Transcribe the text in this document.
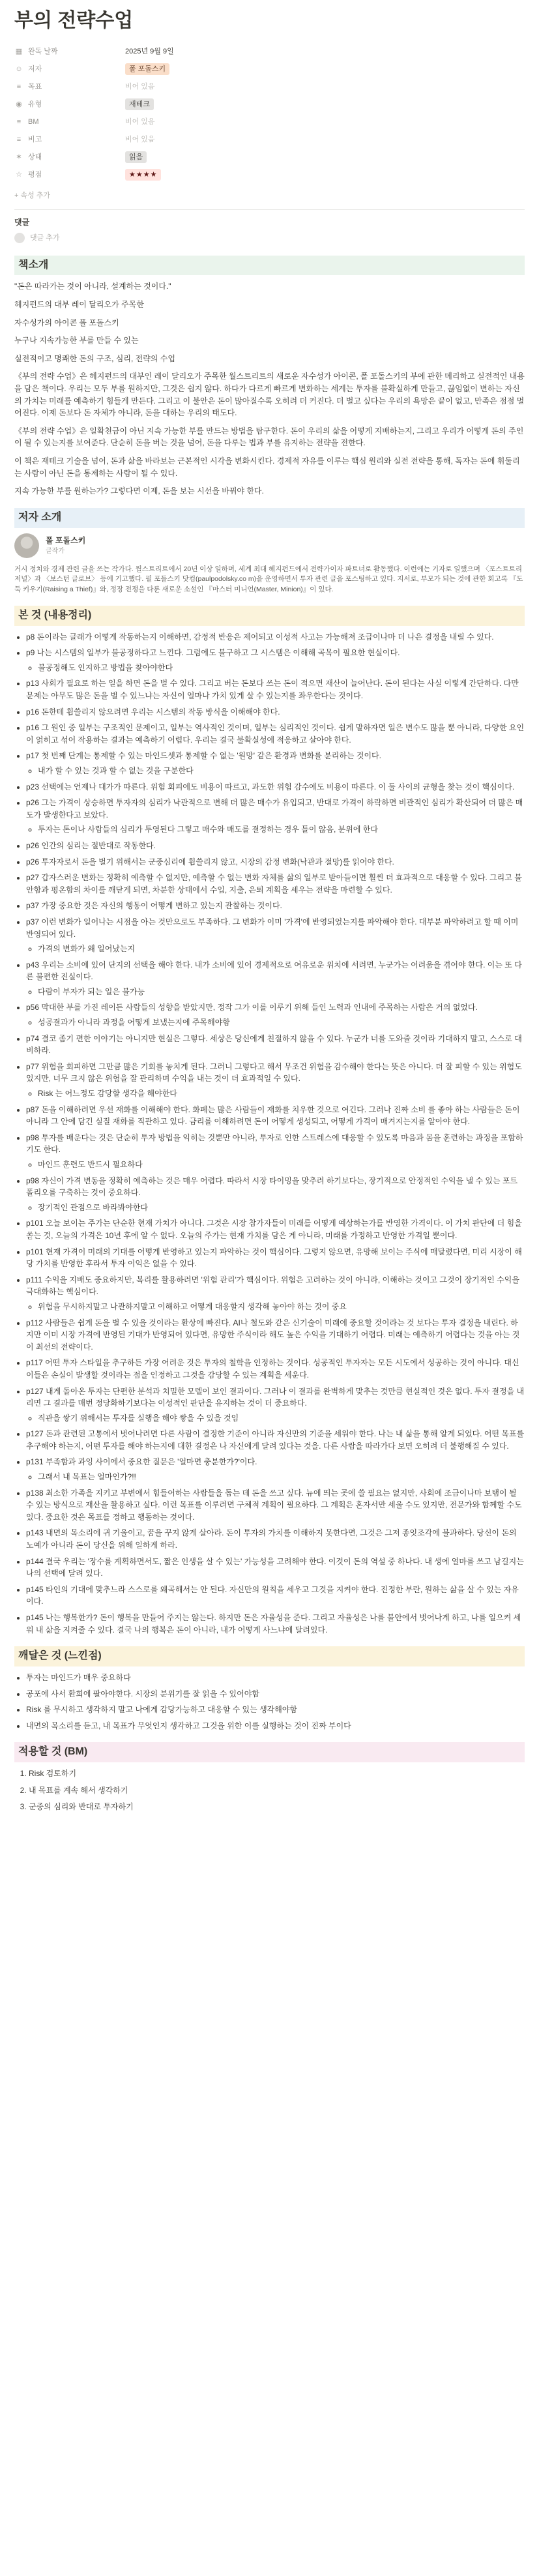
부의 전략수업
▦ 완독 날짜	2025년 9월 9일
☺ 저자	폴 포돌스키
≡ 목표	비어 있음
◉ 유형	재테크
≡ BM	비어 있음
≡ 비고	비어 있음
✶ 상태	읽음
☆ 평점	★★★★
+ 속성 추가
댓글
댓글 추가
책소개

"돈은 따라가는 것이 아니라, 설계하는 것이다."

헤지펀드의 대부 레이 달리오가 주목한

자수성가의 아이콘 폴 포돌스키

누구나 지속가능한 부를 만들 수 있는

실전적이고 명쾌한 돈의 구조, 심리, 전략의 수업

《부의 전략 수업》은 헤지펀드의 대부인 레이 달리오가 주목한 월스트리트의 새로운 자수성가 아이콘, 폴 포돌스키의 부에 관한 메리하고 실전적인 내용을 담은 책이다. 우리는 모두 부를 원하지만, 그것은 쉽지 않다. 하다가 다르게 빠르게 변화하는 세계는 투자를 불확실하게 만들고, 끊임없이 변하는 자신의 가치는 미래를 예측하기 힘들게 만든다. 그리고 이 불안은 돈이 많아질수록 오히려 더 커진다. 더 벌고 싶다는 우리의 욕망은 끝이 없고, 만족은 점점 멀어진다. 이제 돈보다 돈 자체가 아니라, 돈을 대하는 우리의 태도다.

《부의 전략 수업》은 일확천금이 아닌 지속 가능한 부를 만드는 방법을 탐구한다. 돈이 우리의 삶을 어떻게 지배하는지, 그리고 우리가 어떻게 돈의 주인이 될 수 있는지를 보여준다. 단순히 돈을 버는 것을 넘어, 돈을 다루는 법과 부를 유지하는 전략을 전한다.

이 책은 재테크 기술을 넘어, 돈과 삶을 바라보는 근본적인 시각을 변화시킨다. 경제적 자유를 이루는 핵심 원리와 실전 전략을 통해, 독자는 돈에 휘둘리는 사람이 아닌 돈을 통제하는 사람이 될 수 있다.

지속 가능한 부를 원하는가? 그렇다면 이제, 돈을 보는 시선을 바꿔야 한다.

저자 소개
폴 포돌스키
글작가

거시 정치와 경제 관련 글을 쓰는 작가다. 월스트리트에서 20년 이상 일하며, 세계 최대 헤지펀드에서 전략가이자 파트너로 활동했다. 이런에는 기자로 일했으며 〈포스트트리 저널〉과 〈보스턴 글로브〉 등에 기고했다. 필 포돌스키 닷컴(paulpodolsky.co m)을 운영하면서 투자 관련 글을 포스팅하고 있다. 지서로, 부모가 되는 것에 관한 회고록 『도둑 키우기(Raising a Thief)』와, 정장 전쟁을 다룬 새로운 소설인 『마스터 미니언(Master, Minion)』이 있다.

본 것 (내용정리)
• p8 돈이라는 글래가 어떻게 작동하는지 이해하면, 감정적 반응은 제어되고 이성적 사고는 가능해져 조급이나마 더 나은 결정을 내릴 수 있다.
• p9 나는 시스템의 일부가 불공정하다고 느낀다. 그럼에도 불구하고 그 시스템은 이해해 곡목이 필요한 현실이다.
◦ 불공정해도 인지하고 방법을 찾아야한다
• p13 사회가 필요로 하는 일을 하면 돈을 벌 수 있다. 그리고 버는 돈보다 쓰는 돈이 적으면 재산이 늘어난다. 돈이 된다는 사실 이렇게 간단하다. 다만 문제는 아무도 많은 돈을 벌 수 있느냐는 자신이 얼마나 가치 있게 살 수 있는지를 좌우한다는 것이다.
• p16 돈한테 휩쓸리지 않으려면 우리는 시스템의 작동 방식을 이해해야 한다.
• p16 그 원인 중 일부는 구조적인 문제이고, 일부는 역사적인 것이며, 일부는 심리적인 것이다. 쉽게 말하자면 일은 변수도 많을 뿐 아니라, 다양한 요인이 얽히고 섞어 작용하는 결과는 예측하기 어렵다. 우리는 결국 불확실성에 적응하고 살아야 한다.
• p17 첫 번째 단계는 통제할 수 있는 마인드셋과 통제할 수 없는 '원망' 같은 환경과 변화를 분리하는 것이다.
◦ 내가 할 수 있는 것과 할 수 없는 것을 구분한다
• p23 선택에는 언제나 대가가 따른다. 위험 회피에도 비용이 따르고, 과도한 위험 감수에도 비용이 따른다. 이 둘 사이의 균형을 찾는 것이 핵심이다.
• p26 그는 가격이 상승하면 투자자의 심리가 낙관적으로 변해 더 많은 매수가 유입되고, 반대로 가격이 하락하면 비관적인 심리가 확산되어 더 많은 매도가 발생한다고 보았다.
◦ 투자는 톤이나 사람들의 심리가 투영된다 그렇고 매수와 매도를 결정하는 경우 틀이 않음, 분위에 한다
• p26 인간의 심리는 절반대로 작동한다.
• p26 투자자로서 돈을 벌기 위해서는 군중심리에 휩쓸리지 않고, 시장의 감정 변화(낙관과 절망)를 읽어야 한다.
• p27 갑자스러운 변화는 정확히 예측할 수 없지만, 예측할 수 없는 변화 자체를 삶의 일부로 받아들이면 훨씬 더 효과적으로 대응할 수 있다. 그리고 불안함과 평온함의 차이를 깨닫게 되면, 차분한 상태에서 수입, 지출, 은퇴 계획을 세우는 전략을 마련할 수 있다.
• p37 가장 중요한 것은 자신의 행동이 어떻게 변하고 있는지 관찰하는 것이다.
• p37 이런 변화가 일어나는 시점을 아는 것만으로도 부족하다. 그 변화가 이미 '가격'에 반영되었는지를 파악해야 한다. 대부분 파악하려고 할 때 이미 반영되어 있다.
◦ 가격의 변화가 왜 일어났는지
• p43 우리는 소비에 있어 단지의 선택을 해야 한다. 내가 소비에 있어 경제적으로 여유로운 위치에 서려면, 누군가는 어려움을 겪어야 한다. 이는 또 다른 불편한 진실이다.
◦ 다람이 부자가 되는 일은 불가능
• p56 막대한 부를 가진 레이든 사람들의 성향을 받았지만, 정작 그가 이를 이루기 위해 들인 노력과 인내에 주목하는 사람은 거의 없었다.
◦ 성공결과가 아니라 과정을 어떻게 보냈는지에 주목해야함
• p74 결코 좀기 편한 이야기는 아니지만 현실은 그렇다. 세상은 당신에게 친절하지 않을 수 있다. 누군가 너를 도와줄 것이라 기대하지 말고, 스스로 대비하라.
• p77 위험을 회피하면 그만큼 많은 기회를 놓치게 된다. 그러니 그렇다고 해서 무조건 위험을 감수해야 한다는 뜻은 아니다. 더 잘 피할 수 있는 위험도 있지만, 너무 크지 않은 위험을 잘 관리하며 수익을 내는 것이 더 효과적일 수 있다.
◦ Risk 는 어느정도 감당할 생각을 해야한다
• p87 돈을 이해하려면 우선 재화를 이해해야 한다. 화폐는 많은 사람들이 재화를 치우한 것으로 여긴다. 그러나 진짜 소비 를 좋아 하는 사람들은 돈이 아니라 그 안에 담긴 실질 재화를 직관하고 있다. 금리를 이해하려면 돈이 어떻게 생성되고, 어떻게 가격이 매겨지는지를 알아야 한다.
• p98 투자를 배운다는 것은 단순히 투자 방법을 익히는 것뿐만 아니라, 투자로 인한 스트레스에 대응할 수 있도록 마음과 몸을 훈련하는 과정을 포함하기도 한다.
◦ 마인드 훈련도 반드시 필요하다
• p98 자신이 가격 변동을 정확히 예측하는 것은 매우 어렵다. 따라서 시장 타이밍을 맞추려 하기보다는, 장기적으로 안정적인 수익을 낼 수 있는 포트폴리오를 구축하는 것이 중요하다.
◦ 장기적인 관점으로 바라봐야한다
• p101 오늘 보이는 주가는 단순한 현재 가치가 아니다. 그것은 시장 참가자들이 미래를 어떻게 예상하는가를 반영한 가격이다. 이 가치 판단에 더 힘을 쏟는 것, 오늘의 가격은 10년 후에 알 수 없다. 오늘의 주가는 현재 가치를 담은 게 아니라, 미래를 가정하고 반영한 가격일 뿐이다.
• p101 현재 가격이 미래의 기대를 어떻게 반영하고 있는지 파악하는 것이 핵심이다. 그렇지 않으면, 유망해 보이는 주식에 매달렸다면, 미리 시장이 해당 가치를 반영한 후라서 투자 이익은 없을 수 있다.
• p111 수익을 지배도 중요하지만, 복리를 활용하려면 '위험 관리'가 핵심이다. 위험은 고려하는 것이 아니라, 이해하는 것이고 그것이 장기적인 수익을 극대화하는 핵심이다.
◦ 위험을 무시하지말고 나관하지말고 이해하고 어떻게 대응할지 생각해 놓아야 하는 것이 중요
• p112 사람들은 쉽게 돈을 벌 수 있을 것이라는 환상에 빠진다. AI나 철도와 같은 신기술이 미래에 중요할 것이라는 것 보다는 투자 결정을 내린다. 하지만 이미 시장 가격에 반영된 기대가 반영되어 있다면, 유망한 주식이라 해도 높은 수익을 기대하기 어렵다. 미래는 예측하기 어렵다는 것을 아는 것이 최선의 전략이다.
• p117 어떤 투자 스타일을 추구하든 가장 어려운 것은 투자의 철학을 인정하는 것이다. 성공적인 투자자는 모든 시도에서 성공하는 것이 아니다. 대신 이들은 손실이 발생할 것이라는 점을 인정하고 그것을 감당할 수 있는 계획을 세운다.
• p127 내게 돌아온 투자는 단편한 분석과 치밀한 모델이 보인 결과이다. 그러나 이 결과를 완벽하게 맞추는 것만큼 현실적인 것은 없다. 투자 결정을 내리면 그 결과를 매번 정당화하기보다는 이성적인 판단을 유지하는 것이 더 중요하다.
◦ 직관을 쌓기 위해서는 투자를 실행을 해야 쌓을 수 있을 것임
• p127 돈과 관련된 고통에서 벗어나려면 다른 사람이 결정한 기준이 아니라 자신만의 기준을 세워야 한다. 나는 내 삶을 통해 알게 되었다. 어떤 목표를 추구해야 하는지, 어떤 투자를 해야 하는지에 대한 결정은 나 자신에게 달려 있다는 것을. 다른 사람을 따라가다 보면 오히려 더 불행해질 수 있다.
• p131 부족함과 과잉 사이에서 중요한 질문은 '얼마면 충분한가?'이다.
◦ 그래서 내 목표는 얼마인가?!!
• p138 최소한 가족을 지키고 부변에서 힘들어하는 사람들을 돕는 데 돈을 쓰고 싶다. 뉴에 띄는 곳에 쓸 필요는 없지만, 사회에 조금이나마 보탬이 될 수 있는 방식으로 재산을 활용하고 싶다. 이런 목표를 이루려면 구체적 계획이 필요하다. 그 계획은 혼자서만 세울 수도 있지만, 전문가와 함께할 수도 있다. 중요한 것은 목표를 정하고 행동하는 것이다.
• p143 내면의 목소리에 귀 기울이고, 꿈을 꾸지 않게 살아라. 돈이 투자의 가치를 이해하지 못한다면, 그것은 그저 종잇조각에 불과하다. 당신이 돈의 노예가 아니라 돈이 당신을 위해 일하게 하라.
• p144 결국 우리는 '장수를 계획하면서도, 짧은 인생을 살 수 있는' 가능성을 고려해야 한다. 이것이 돈의 역설 중 하나다. 내 생에 얼마를 쓰고 남길지는 나의 선택에 달려 있다.
• p145 타인의 기대에 맞추느라 스스로를 왜곡해서는 안 된다. 자신만의 원칙을 세우고 그것을 지켜야 한다. 진정한 부란, 원하는 삶을 살 수 있는 자유이다.
• p145 나는 행복한가? 돈이 행복을 만들어 주지는 않는다. 하지만 돈은 자율성을 준다. 그리고 자율성은 나를 불안에서 벗어나게 하고, 나를 일으켜 세워 내 삶을 지켜줄 수 있다. 결국 나의 행복은 돈이 아니라, 내가 어떻게 사느냐에 달려있다.
깨달은 것 (느낀점)
• 투자는 마인드가 매우 중요하다
• 공포에 사서 환희에 팔아야한다. 시장의 분위기를 잘 읽을 수 있어야함
• Risk 를 무시하고 생각하지 말고 나에게 감당가능하고 대응할 수 있는 생각해야함
• 내면의 목소리를 듣고, 내 목표가 무엇인지 생각하고 그것을 위한 이를 실행하는 것이 진짜 부이다
적용할 것 (BM)
1. Risk 검토하기
2. 내 목표를 계속 해서 생각하기
3. 군중의 심리와 반대로 투자하기
